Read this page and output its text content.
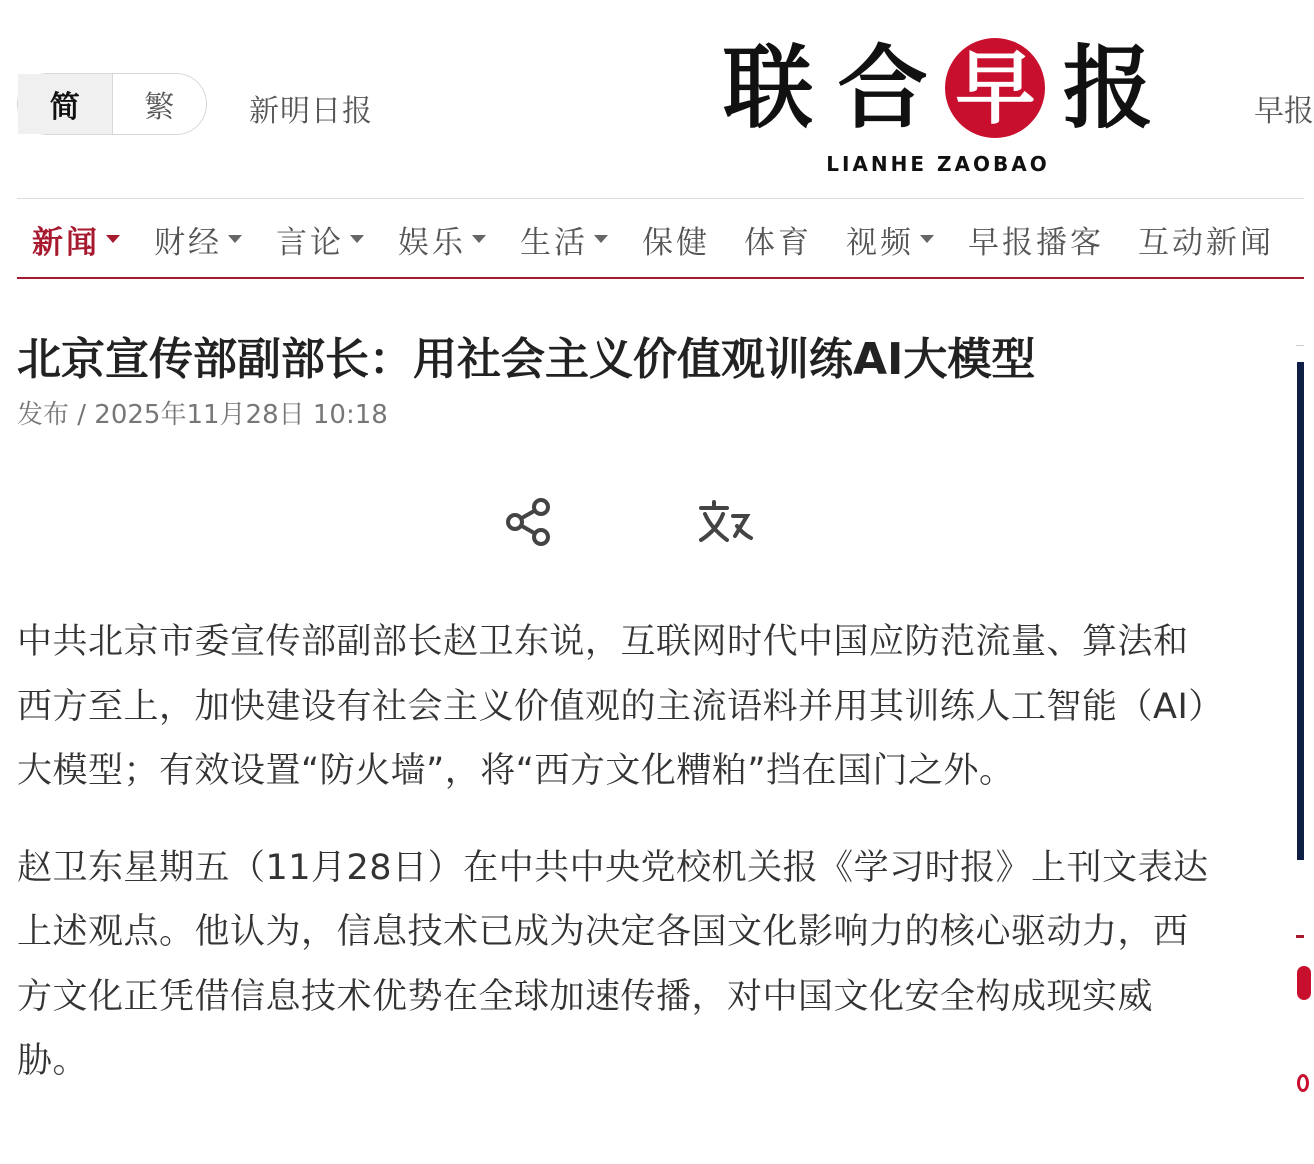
简	繁	新明日报	联 合 早 报
LIANHE ZAOBAO
早报
新闻 财经 言论 娱乐 生活 保健 体育 视频 早报播客 互动新闻
北京宣传部副部长：用社会主义价值观训练AI大模型
发布 / 2025年11月28日 10:18

中共北京市委宣传部副部长赵卫东说，互联网时代中国应防范流量、算法和西方至上，加快建设有社会主义价值观的主流语料并用其训练人工智能（AI）大模型；有效设置“防火墙”，将“西方文化糟粕”挡在国门之外。

赵卫东星期五（11月28日）在中共中央党校机关报《学习时报》上刊文表达上述观点。他认为，信息技术已成为决定各国文化影响力的核心驱动力，西方文化正凭借信息技术优势在全球加速传播，对中国文化安全构成现实威胁。
